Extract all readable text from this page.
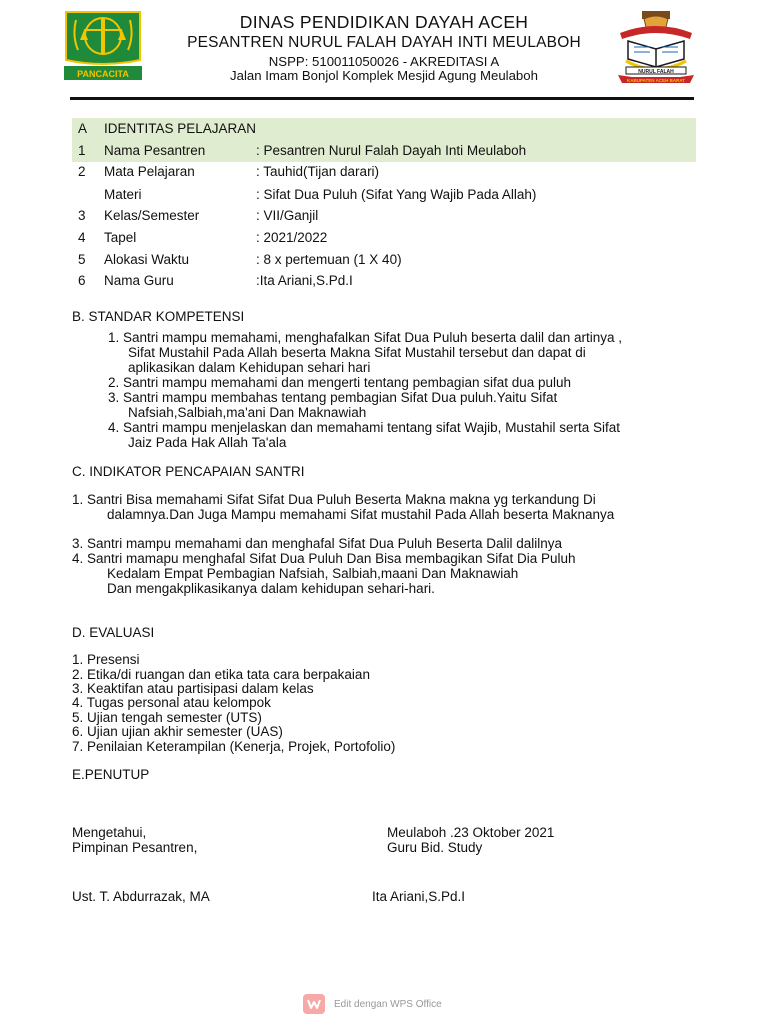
DINAS PENDIDIKAN DAYAH ACEH
PESANTREN NURUL FALAH DAYAH INTI MEULABOH
NSPP: 510011050026 - AKREDITASI A
Jalan Imam Bonjol Komplek Mesjid Agung Meulaboh
PANCACITA
● ● ●
NURUL FALAH
KABUPATEN ACEH BARAT
A IDENTITAS PELAJARAN
1 Nama Pesantren	: Pesantren Nurul Falah Dayah Inti Meulaboh
2 Mata Pelajaran	: Tauhid(Tijan darari)
Materi	: Sifat Dua Puluh (Sifat Yang Wajib Pada Allah)
3 Kelas/Semester	: VII/Ganjil
4 Tapel	: 2021/2022
5 Alokasi Waktu	: 8 x pertemuan (1 X 40)
6 Nama Guru	:Ita Ariani,S.Pd.I
B. STANDAR KOMPETENSI
1. Santri mampu memahami, menghafalkan Sifat Dua Puluh beserta dalil dan artinya ,
Sifat Mustahil Pada Allah beserta Makna Sifat Mustahil tersebut dan dapat di
aplikasikan dalam Kehidupan sehari hari
2. Santri mampu memahami dan mengerti tentang pembagian sifat dua puluh
3. Santri mampu membahas tentang pembagian Sifat Dua puluh.Yaitu Sifat
Nafsiah,Salbiah,ma'ani Dan Maknawiah
4. Santri mampu menjelaskan dan memahami tentang sifat Wajib, Mustahil serta Sifat
Jaiz Pada Hak Allah Ta'ala
C. INDIKATOR PENCAPAIAN SANTRI
1. Santri Bisa memahami Sifat Sifat Dua Puluh Beserta Makna makna yg terkandung Di
dalamnya.Dan Juga Mampu memahami Sifat mustahil Pada Allah beserta Maknanya
3. Santri mampu memahami dan menghafal Sifat Dua Puluh Beserta Dalil dalilnya
4. Santri mamapu menghafal Sifat Dua Puluh Dan Bisa membagikan Sifat Dia Puluh
Kedalam Empat Pembagian Nafsiah, Salbiah,maani Dan Maknawiah
Dan mengakplikasikanya dalam kehidupan sehari-hari.
D. EVALUASI
1. Presensi
2. Etika/di ruangan dan etika tata cara berpakaian
3. Keaktifan atau partisipasi dalam kelas
4. Tugas personal atau kelompok
5. Ujian tengah semester (UTS)
6. Ujian ujian akhir semester (UAS)
7. Penilaian Keterampilan (Kenerja, Projek, Portofolio)
E.PENUTUP
Mengetahui,
Pimpinan Pesantren,
Ust. T. Abdurrazak, MA
Meulaboh .23 Oktober 2021
Guru Bid. Study
Ita Ariani,S.Pd.I
Edit dengan WPS Office
